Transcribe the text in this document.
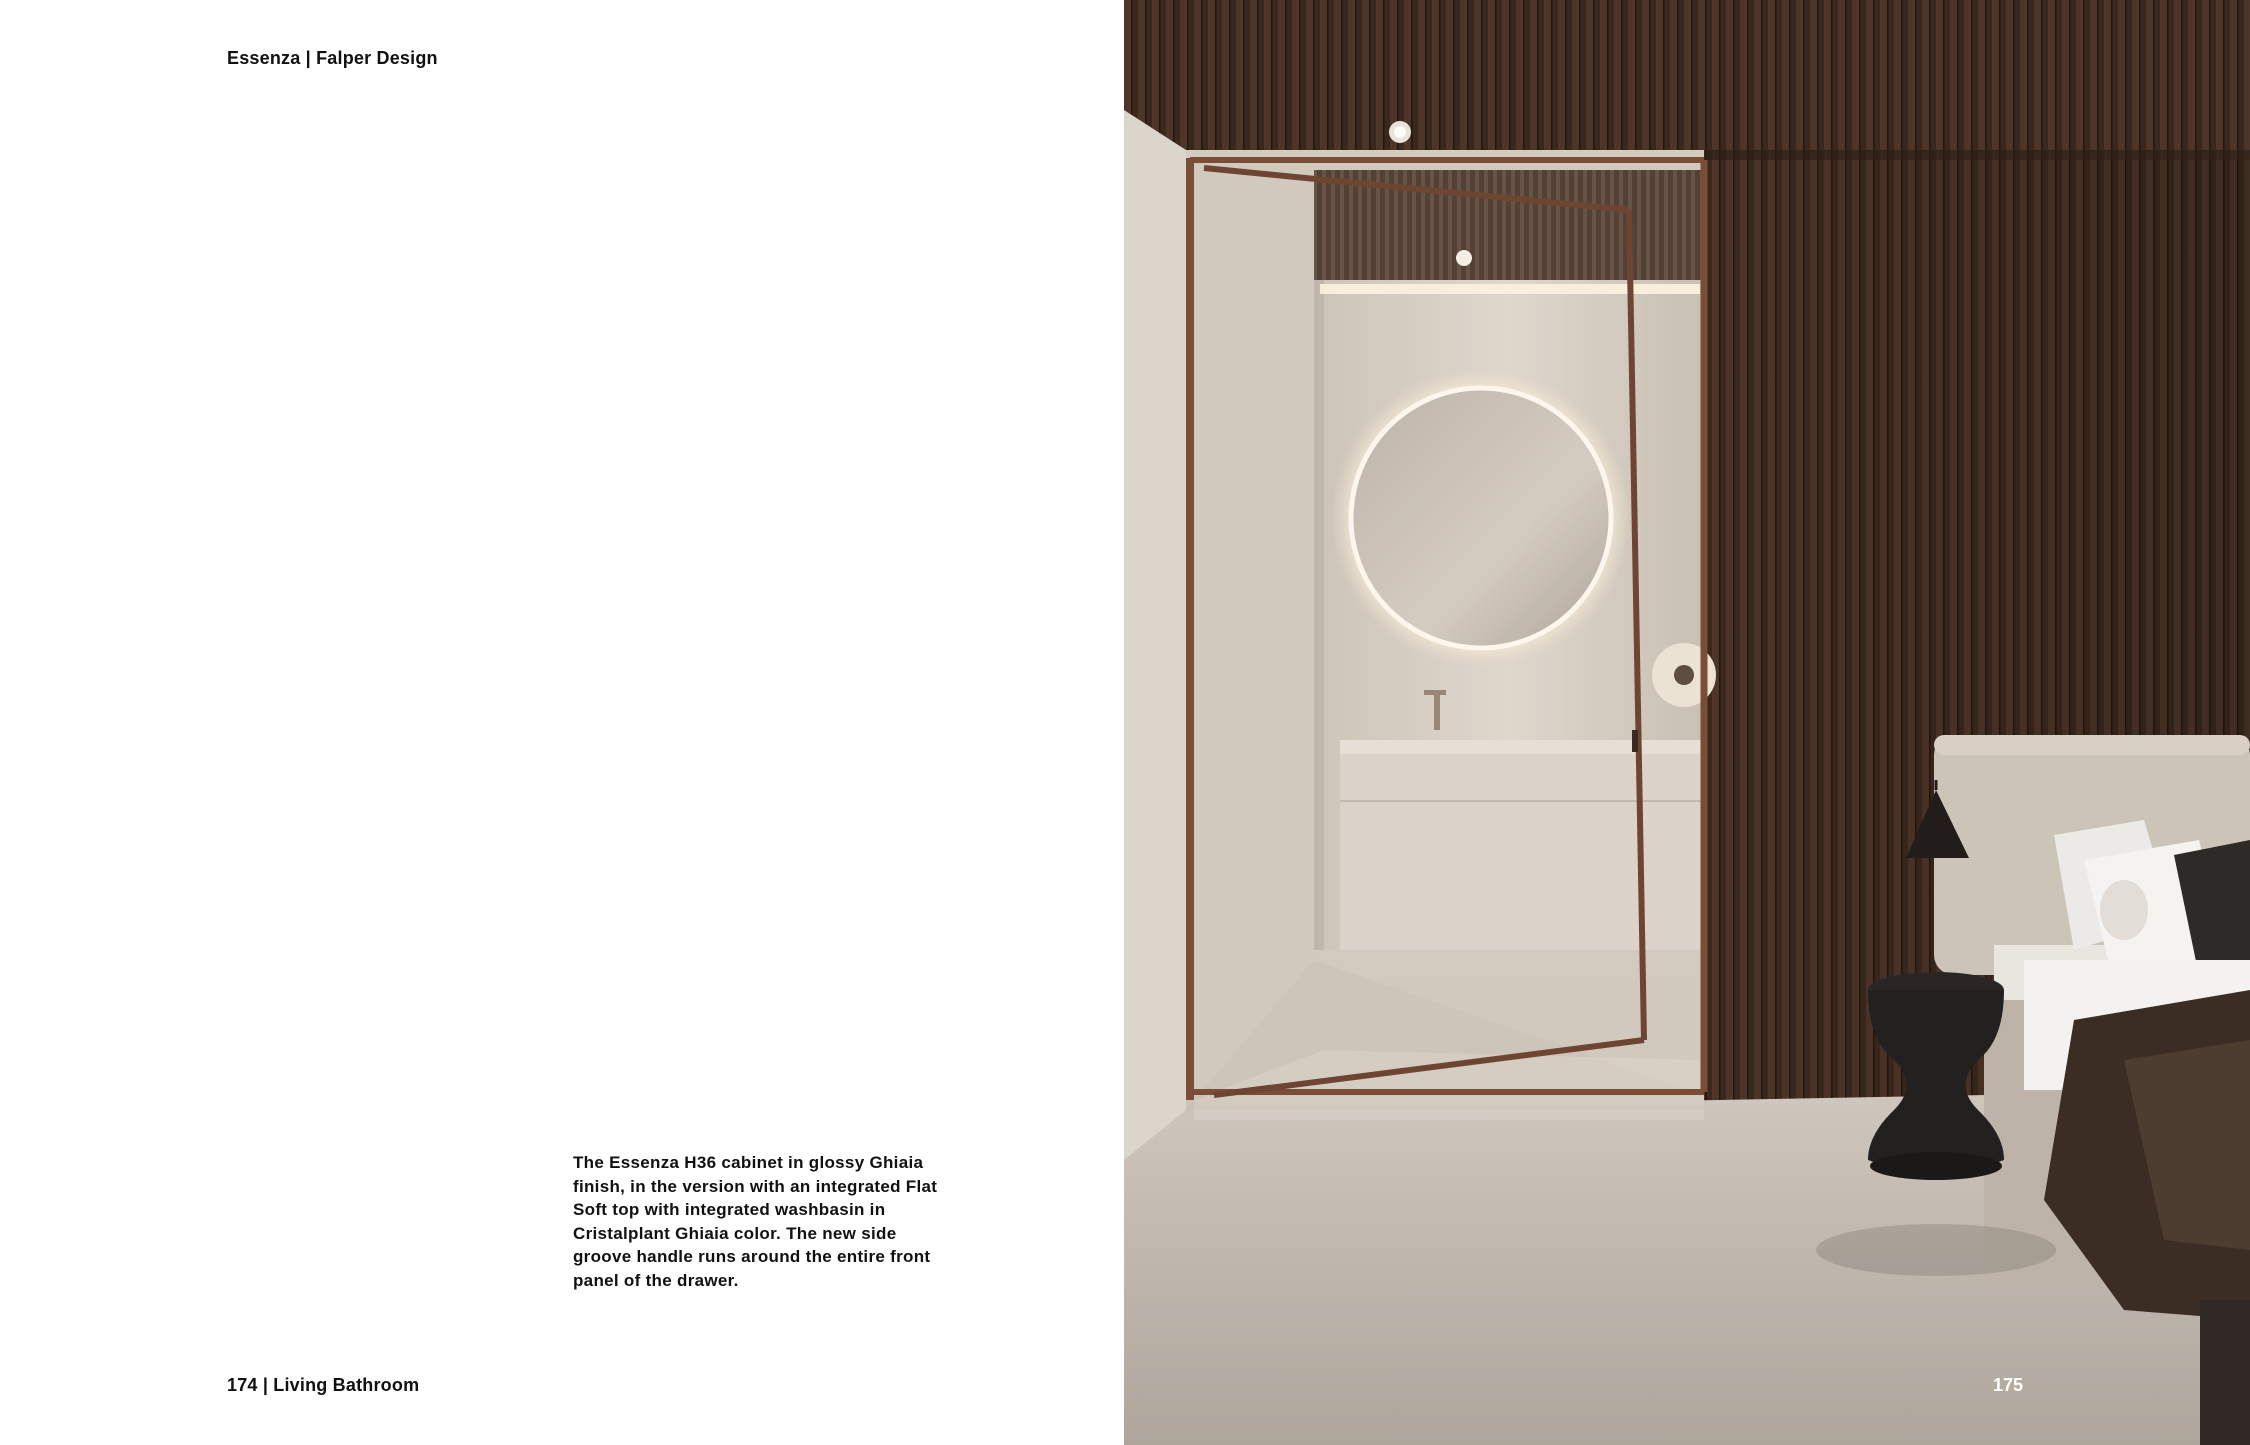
Essenza | Falper Design
The Essenza H36 cabinet in glossy Ghiaia finish, in the version with an integrated Flat Soft top with integrated washbasin in Cristalplant Ghiaia color. The new side groove handle runs around the entire front panel of the drawer.
174 | Living Bathroom	175
